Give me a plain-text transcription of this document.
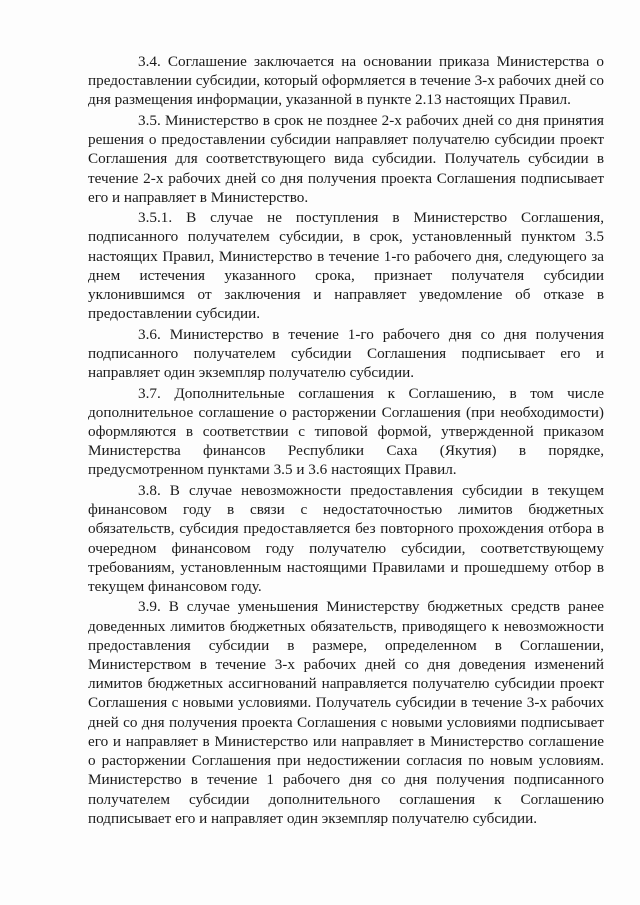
3.4. Соглашение заключается на основании приказа Министерства о предоставлении субсидии, который оформляется в течение 3-х рабочих дней со дня размещения информации, указанной в пункте 2.13 настоящих Правил.

3.5. Министерство в срок не позднее 2-х рабочих дней со дня принятия решения о предоставлении субсидии направляет получателю субсидии проект Соглашения для соответствующего вида субсидии. Получатель субсидии в течение 2-х рабочих дней со дня получения проекта Соглашения подписывает его и направляет в Министерство.

3.5.1. В случае не поступления в Министерство Соглашения, подписанного получателем субсидии, в срок, установленный пунктом 3.5 настоящих Правил, Министерство в течение 1-го рабочего дня, следующего за днем истечения указанного срока, признает получателя субсидии уклонившимся от заключения и направляет уведомление об отказе в предоставлении субсидии.

3.6. Министерство в течение 1-го рабочего дня со дня получения подписанного получателем субсидии Соглашения подписывает его и направляет один экземпляр получателю субсидии.

3.7. Дополнительные соглашения к Соглашению, в том числе дополнительное соглашение о расторжении Соглашения (при необходимости) оформляются в соответствии с типовой формой, утвержденной приказом Министерства финансов Республики Саха (Якутия) в порядке, предусмотренном пунктами 3.5 и 3.6 настоящих Правил.

3.8. В случае невозможности предоставления субсидии в текущем финансовом году в связи с недостаточностью лимитов бюджетных обязательств, субсидия предоставляется без повторного прохождения отбора в очередном финансовом году получателю субсидии, соответствующему требованиям, установленным настоящими Правилами и прошедшему отбор в текущем финансовом году.

3.9. В случае уменьшения Министерству бюджетных средств ранее доведенных лимитов бюджетных обязательств, приводящего к невозможности предоставления субсидии в размере, определенном в Соглашении, Министерством в течение 3-х рабочих дней со дня доведения изменений лимитов бюджетных ассигнований направляется получателю субсидии проект Соглашения с новыми условиями. Получатель субсидии в течение 3-х рабочих дней со дня получения проекта Соглашения с новыми условиями подписывает его и направляет в Министерство или направляет в Министерство соглашение о расторжении Соглашения при недостижении согласия по новым условиям. Министерство в течение 1 рабочего дня со дня получения подписанного получателем субсидии дополнительного соглашения к Соглашению подписывает его и направляет один экземпляр получателю субсидии.
